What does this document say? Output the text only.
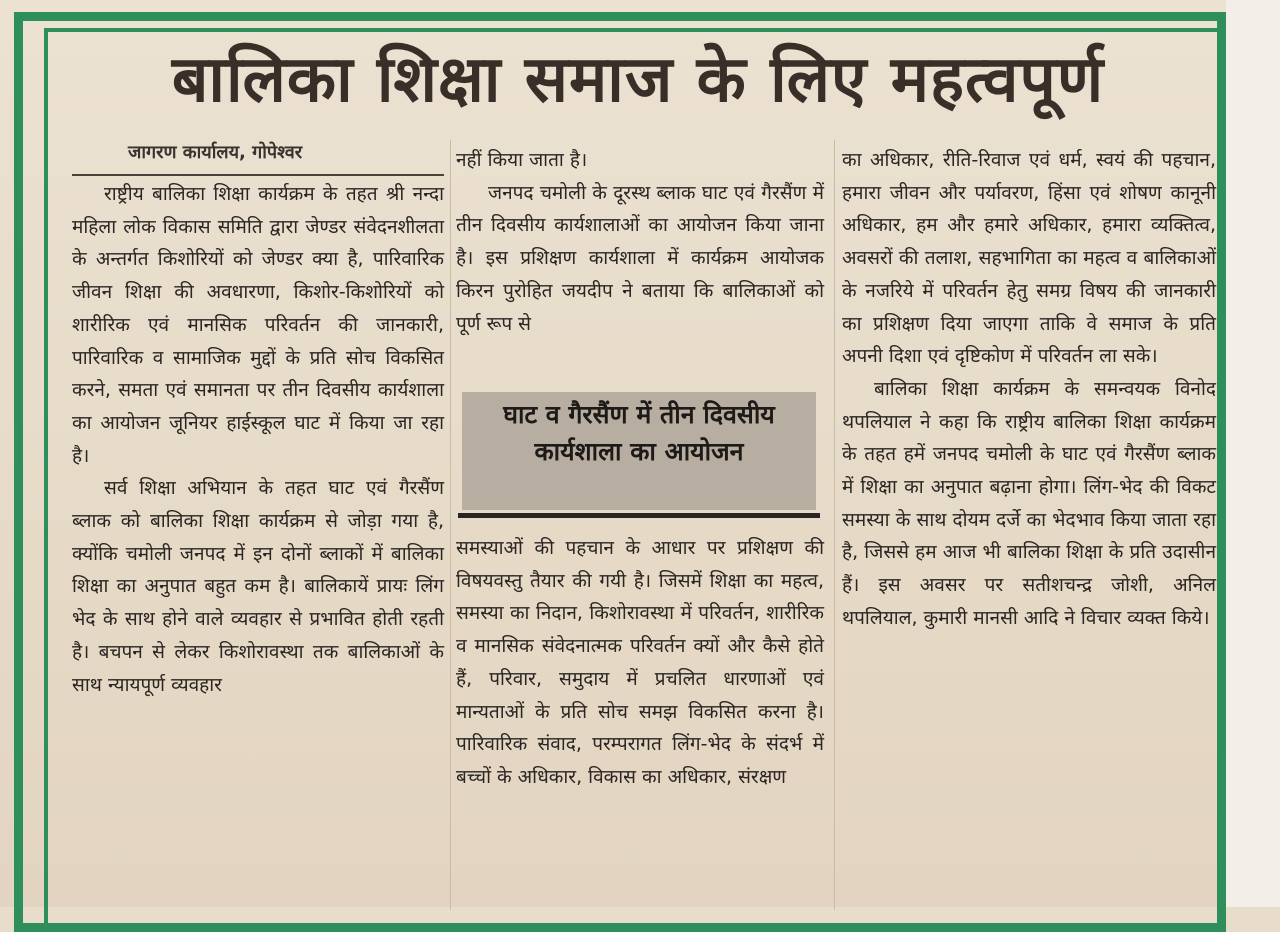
बालिका शिक्षा समाज के लिए महत्वपूर्ण
जागरण कार्यालय, गोपेश्वर

राष्ट्रीय बालिका शिक्षा कार्यक्रम के तहत श्री नन्दा महिला लोक विकास समिति द्वारा जेण्डर संवेदनशीलता के अन्तर्गत किशोरियों को जेण्डर क्या है, पारिवारिक जीवन शिक्षा की अवधारणा, किशोर-किशोरियों को शारीरिक एवं मानसिक परिवर्तन की जानकारी, पारिवारिक व सामाजिक मुद्दों के प्रति सोच विकसित करने, समता एवं समानता पर तीन दिवसीय कार्यशाला का आयोजन जूनियर हाईस्कूल घाट में किया जा रहा है।

सर्व शिक्षा अभियान के तहत घाट एवं गैरसैंण ब्लाक को बालिका शिक्षा कार्यक्रम से जोड़ा गया है, क्योंकि चमोली जनपद में इन दोनों ब्लाकों में बालिका शिक्षा का अनुपात बहुत कम है। बालिकायें प्रायः लिंग भेद के साथ होने वाले व्यवहार से प्रभावित होती रहती है। बचपन से लेकर किशोरावस्था तक बालिकाओं के साथ न्यायपूर्ण व्यवहार

नहीं किया जाता है।

जनपद चमोली के दूरस्थ ब्लाक घाट एवं गैरसैंण में तीन दिवसीय कार्यशालाओं का आयोजन किया जाना है। इस प्रशिक्षण कार्यशाला में कार्यक्रम आयोजक किरन पुरोहित जयदीप ने बताया कि बालिकाओं को पूर्ण रूप से

घाट व गैरसैंण में तीन दिवसीय कार्यशाला का आयोजन

समस्याओं की पहचान के आधार पर प्रशिक्षण की विषयवस्तु तैयार की गयी है। जिसमें शिक्षा का महत्व, समस्या का निदान, किशोरावस्था में परिवर्तन, शारीरिक व मानसिक संवेदनात्मक परिवर्तन क्यों और कैसे होते हैं, परिवार, समुदाय में प्रचलित धारणाओं एवं मान्यताओं के प्रति सोच समझ विकसित करना है। पारिवारिक संवाद, परम्परागत लिंग-भेद के संदर्भ में बच्चों के अधिकार, विकास का अधिकार, संरक्षण

का अधिकार, रीति-रिवाज एवं धर्म, स्वयं की पहचान, हमारा जीवन और पर्यावरण, हिंसा एवं शोषण कानूनी अधिकार, हम और हमारे अधिकार, हमारा व्यक्तित्व, अवसरों की तलाश, सहभागिता का महत्व व बालिकाओं के नजरिये में परिवर्तन हेतु समग्र विषय की जानकारी का प्रशिक्षण दिया जाएगा ताकि वे समाज के प्रति अपनी दिशा एवं दृष्टिकोण में परिवर्तन ला सके।

बालिका शिक्षा कार्यक्रम के समन्वयक विनोद थपलियाल ने कहा कि राष्ट्रीय बालिका शिक्षा कार्यक्रम के तहत हमें जनपद चमोली के घाट एवं गैरसैंण ब्लाक में शिक्षा का अनुपात बढ़ाना होगा। लिंग-भेद की विकट समस्या के साथ दोयम दर्जे का भेदभाव किया जाता रहा है, जिससे हम आज भी बालिका शिक्षा के प्रति उदासीन हैं। इस अवसर पर सतीशचन्द्र जोशी, अनिल थपलियाल, कुमारी मानसी आदि ने विचार व्यक्त किये।
